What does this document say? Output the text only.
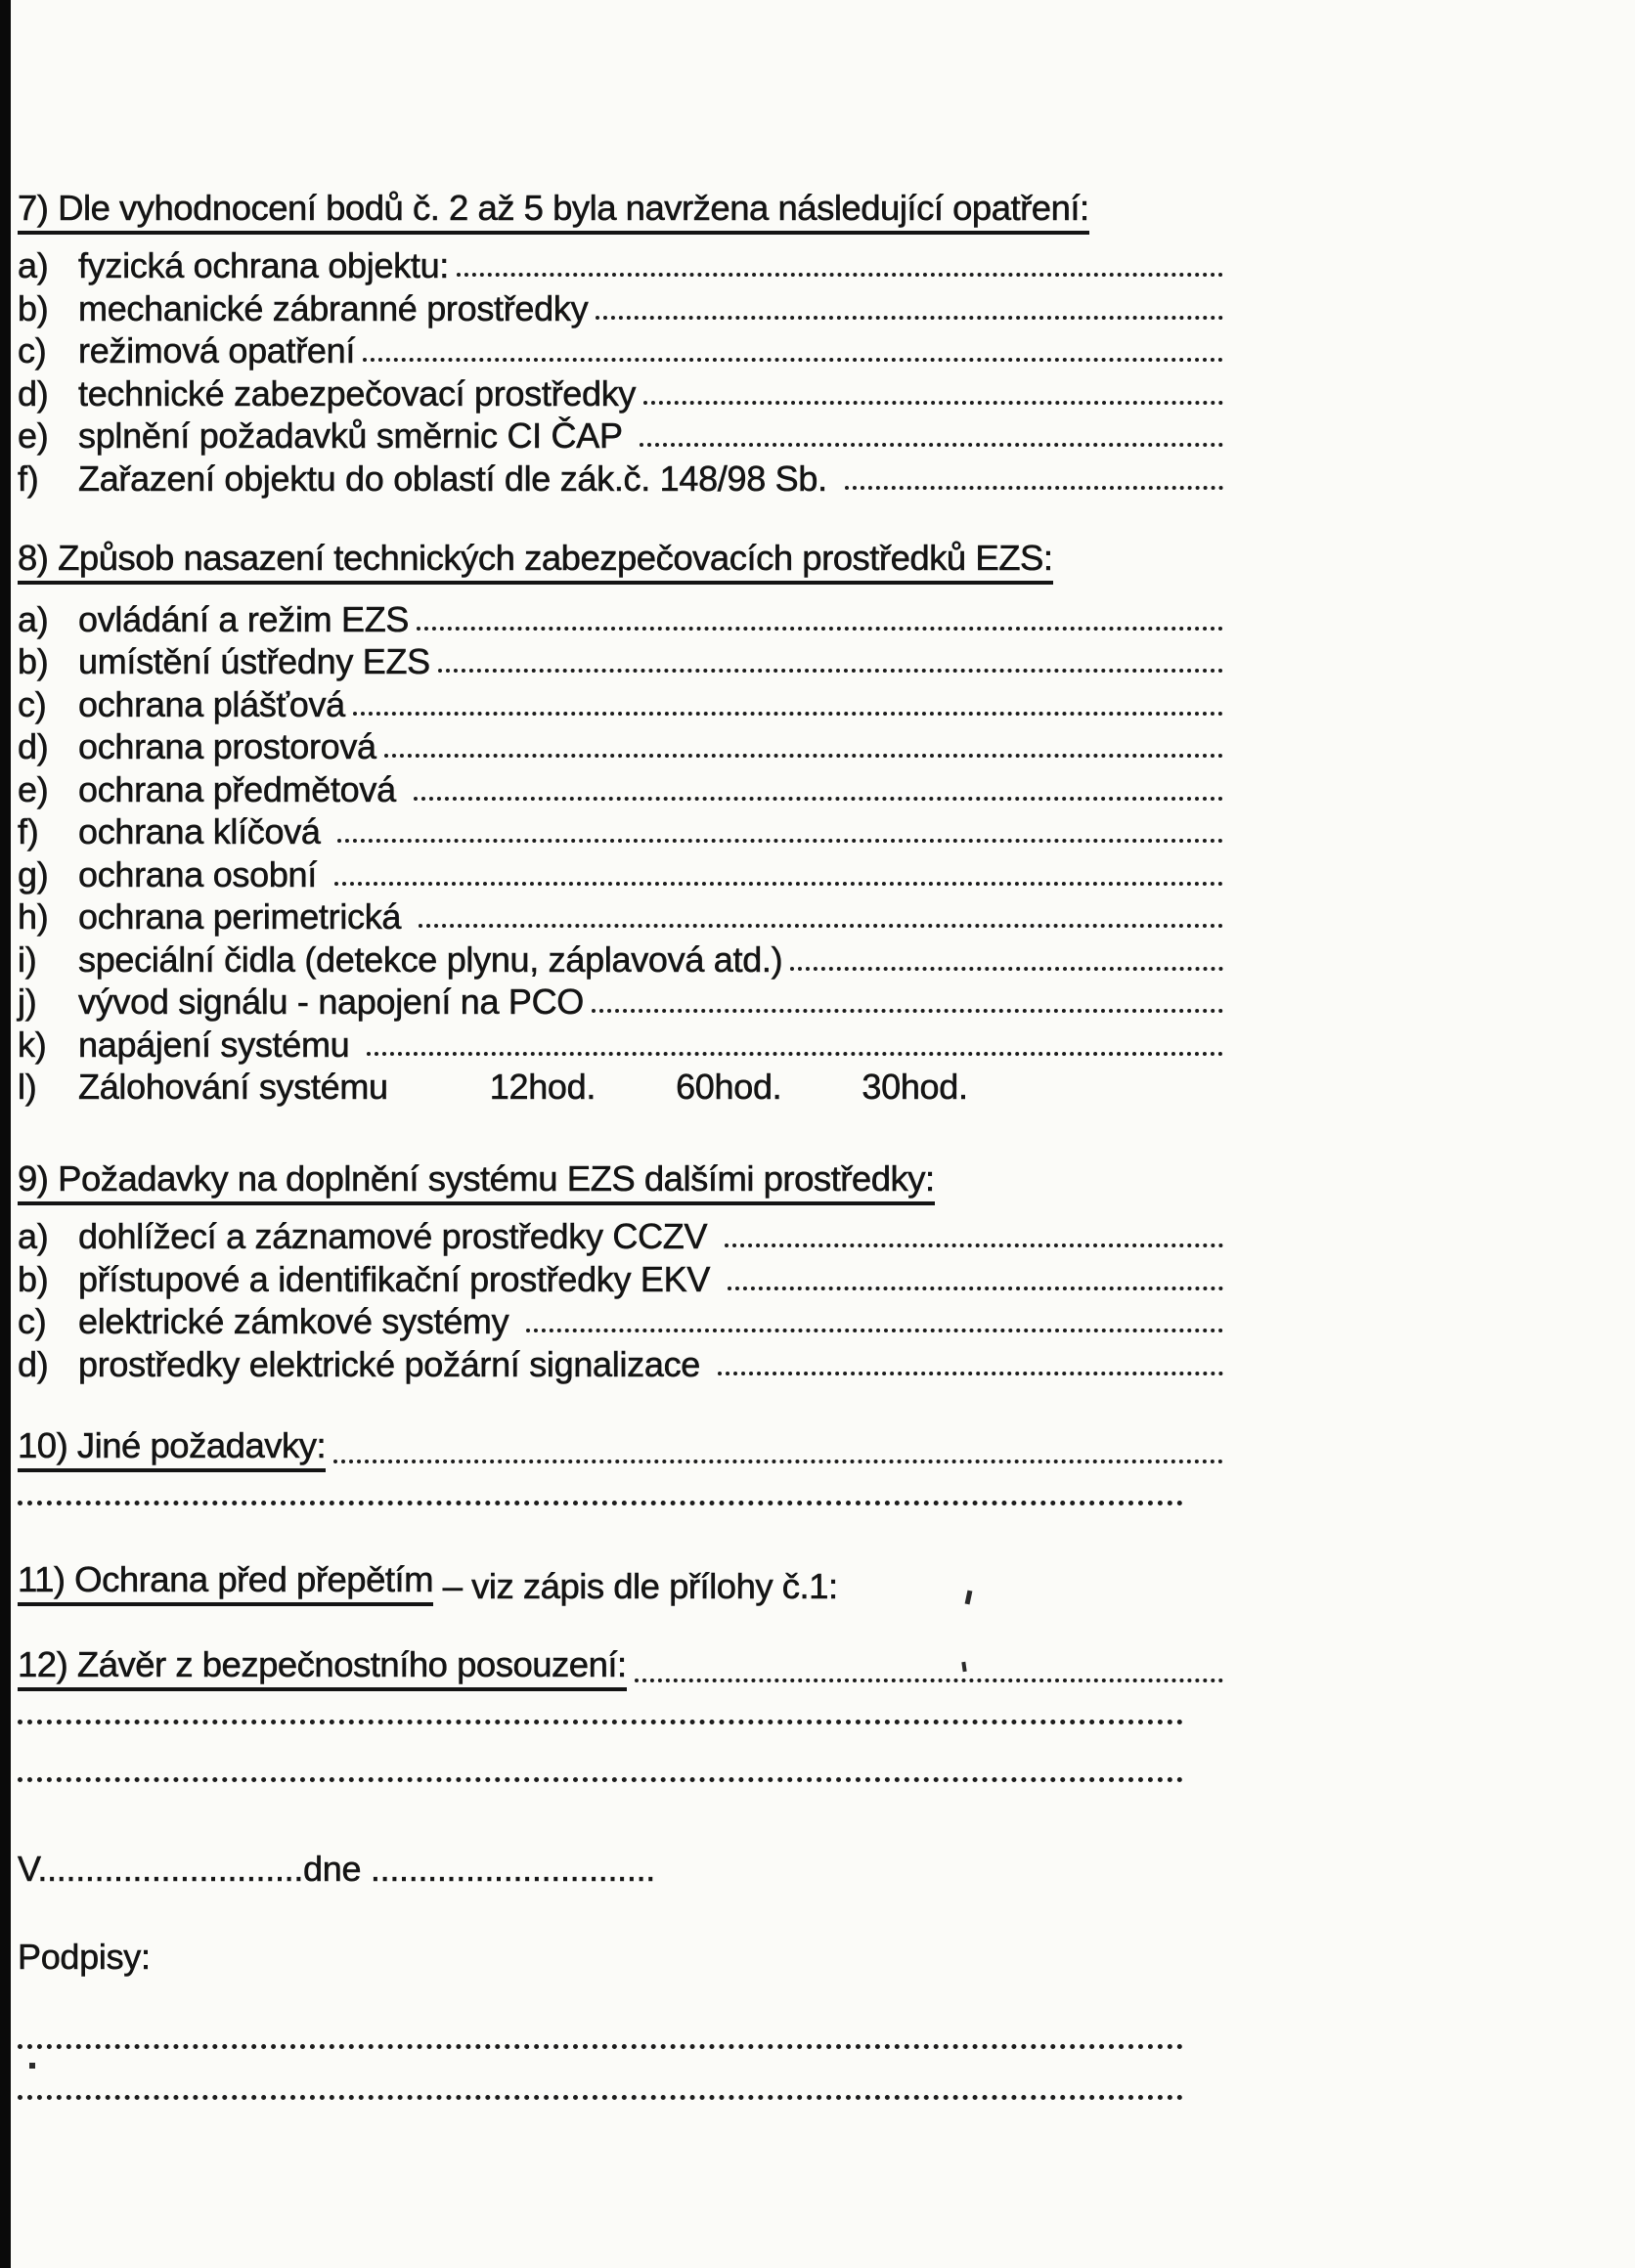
7) Dle vyhodnocení bodů č. 2 až 5 byla navržena následující opatření:
a) fyzická ochrana objektu:
b) mechanické zábranné prostředky
c) režimová opatření
d) technické zabezpečovací prostředky
e) splnění požadavků směrnic CI ČAP
f)	Zařazení objektu do oblastí dle zák.č. 148/98 Sb.
8) Způsob nasazení technických zabezpečovacích prostředků EZS:
a) ovládání a režim EZS
b) umístění ústředny EZS
c) ochrana plášťová
d) ochrana prostorová
e) ochrana předmětová
f)	ochrana klíčová
g) ochrana osobní
h) ochrana perimetrická
i)	speciální čidla (detekce plynu, záplavová atd.)
j)	vývod signálu - napojení na PCO
k) napájení systému
l)	Zálohování systému	12hod. 60hod. 30hod.
9) Požadavky na doplnění systému EZS dalšími prostředky:
a) dohlížecí a záznamové prostředky CCZV
b) přístupové a identifikační prostředky EKV
c) elektrické zámkové systémy
d) prostředky elektrické požární signalizace
10) Jiné požadavky:
11) Ochrana před přepětím – viz zápis dle přílohy č.1:
12) Závěr z bezpečnostního posouzení:
V............................dne ..............................
Podpisy:
